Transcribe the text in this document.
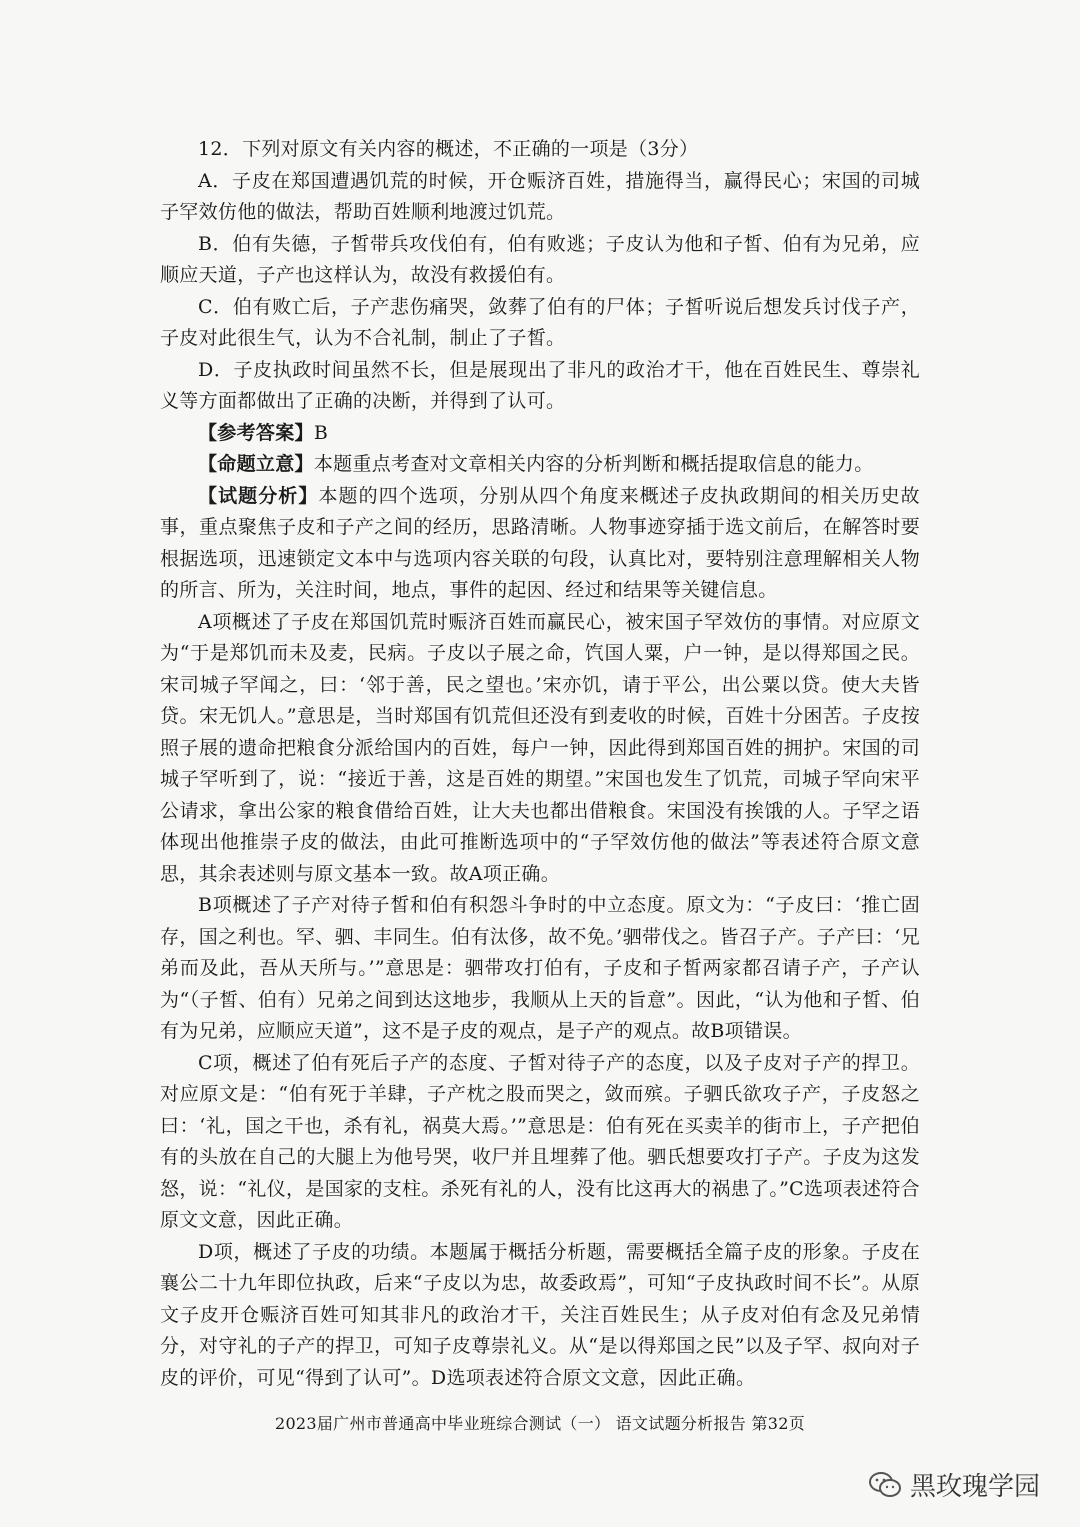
12．下列对原文有关内容的概述，不正确的一项是（3分）

A．子皮在郑国遭遇饥荒的时候，开仓赈济百姓，措施得当，赢得民心；宋国的司城子罕效仿他的做法，帮助百姓顺利地渡过饥荒。

B．伯有失德，子皙带兵攻伐伯有，伯有败逃；子皮认为他和子皙、伯有为兄弟，应顺应天道，子产也这样认为，故没有救援伯有。

C．伯有败亡后，子产悲伤痛哭，敛葬了伯有的尸体；子皙听说后想发兵讨伐子产，子皮对此很生气，认为不合礼制，制止了子皙。

D．子皮执政时间虽然不长，但是展现出了非凡的政治才干，他在百姓民生、尊崇礼义等方面都做出了正确的决断，并得到了认可。

【参考答案】B

【命题立意】本题重点考查对文章相关内容的分析判断和概括提取信息的能力。

【试题分析】本题的四个选项，分别从四个角度来概述子皮执政期间的相关历史故事，重点聚焦子皮和子产之间的经历，思路清晰。人物事迹穿插于选文前后，在解答时要根据选项，迅速锁定文本中与选项内容关联的句段，认真比对，要特别注意理解相关人物的所言、所为，关注时间，地点，事件的起因、经过和结果等关键信息。

A项概述了子皮在郑国饥荒时赈济百姓而赢民心，被宋国子罕效仿的事情。对应原文为“于是郑饥而未及麦，民病。子皮以子展之命，饩国人粟，户一钟，是以得郑国之民。宋司城子罕闻之，曰：‘邻于善，民之望也。’宋亦饥，请于平公，出公粟以贷。使大夫皆贷。宋无饥人。”意思是，当时郑国有饥荒但还没有到麦收的时候，百姓十分困苦。子皮按照子展的遗命把粮食分派给国内的百姓，每户一钟，因此得到郑国百姓的拥护。宋国的司城子罕听到了，说：“接近于善，这是百姓的期望。”宋国也发生了饥荒，司城子罕向宋平公请求，拿出公家的粮食借给百姓，让大夫也都出借粮食。宋国没有挨饿的人。子罕之语体现出他推崇子皮的做法，由此可推断选项中的“子罕效仿他的做法”等表述符合原文意思，其余表述则与原文基本一致。故A项正确。

B项概述了子产对待子皙和伯有积怨斗争时的中立态度。原文为：“子皮曰：‘推亡固存，国之利也。罕、驷、丰同生。伯有汰侈，故不免。’驷带伐之。皆召子产。子产曰：‘兄弟而及此，吾从天所与。’”意思是：驷带攻打伯有，子皮和子皙两家都召请子产，子产认为“（子皙、伯有）兄弟之间到达这地步，我顺从上天的旨意”。因此，“认为他和子皙、伯有为兄弟，应顺应天道”，这不是子皮的观点，是子产的观点。故B项错误。

C项，概述了伯有死后子产的态度、子皙对待子产的态度，以及子皮对子产的捍卫。对应原文是：“伯有死于羊肆，子产枕之股而哭之，敛而殡。子驷氏欲攻子产，子皮怒之曰：‘礼，国之干也，杀有礼，祸莫大焉。’”意思是：伯有死在买卖羊的街市上，子产把伯有的头放在自己的大腿上为他号哭，收尸并且埋葬了他。驷氏想要攻打子产。子皮为这发怒，说：“礼仪，是国家的支柱。杀死有礼的人，没有比这再大的祸患了。”C选项表述符合原文文意，因此正确。

D项，概述了子皮的功绩。本题属于概括分析题，需要概括全篇子皮的形象。子皮在襄公二十九年即位执政，后来“子皮以为忠，故委政焉”，可知“子皮执政时间不长”。从原文子皮开仓赈济百姓可知其非凡的政治才干，关注百姓民生；从子皮对伯有念及兄弟情分，对守礼的子产的捍卫，可知子皮尊崇礼义。从“是以得郑国之民”以及子罕、叔向对子皮的评价，可见“得到了认可”。D选项表述符合原文文意，因此正确。

2023届广州市普通高中毕业班综合测试（一） 语文试题分析报告 第32页
黑玫瑰学园
